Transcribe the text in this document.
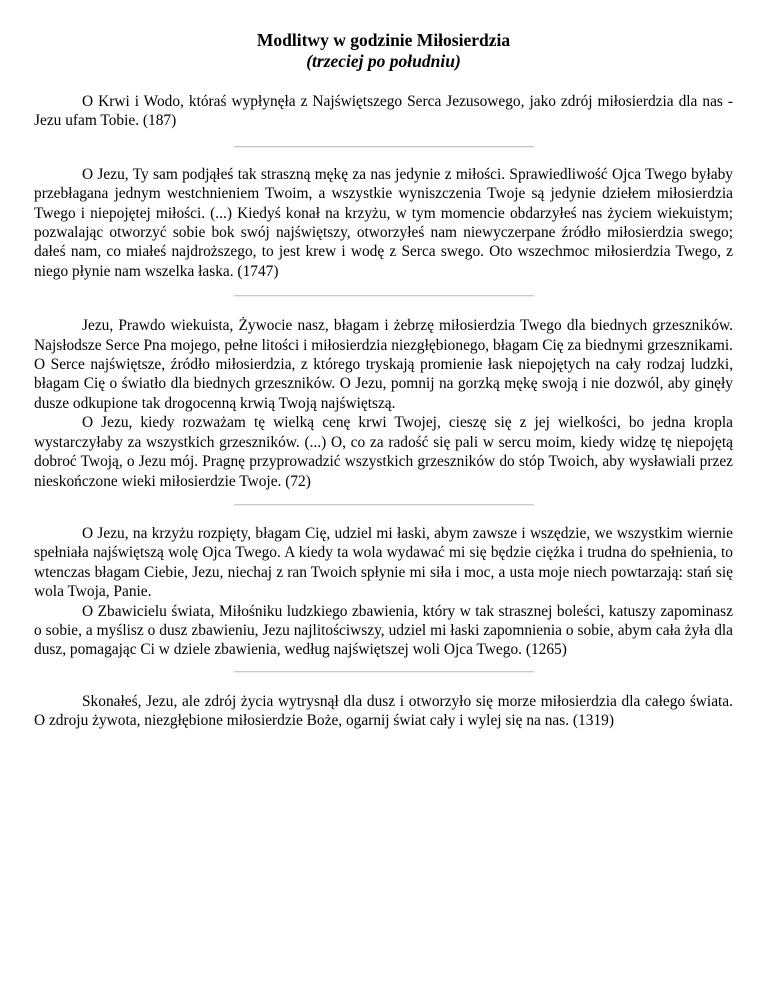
Modlitwy w godzinie Miłosierdzia
(trzeciej po południu)

O Krwi i Wodo, któraś wypłynęła z Najświętszego Serca Jezusowego, jako zdrój miłosierdzia dla nas - Jezu ufam Tobie. (187)

O Jezu, Ty sam podjąłeś tak straszną mękę za nas jedynie z miłości. Sprawiedliwość Ojca Twego byłaby przebłagana jednym westchnieniem Twoim, a wszystkie wyniszczenia Twoje są jedynie dziełem miłosierdzia Twego i niepojętej miłości. (...) Kiedyś konał na krzyżu, w tym momencie obdarzyłeś nas życiem wiekuistym; pozwalając otworzyć sobie bok swój najświętszy, otworzyłeś nam niewyczerpane źródło miłosierdzia swego; dałeś nam, co miałeś najdroższego, to jest krew i wodę z Serca swego. Oto wszechmoc miłosierdzia Twego, z niego płynie nam wszelka łaska. (1747)

Jezu, Prawdo wiekuista, Żywocie nasz, błagam i żebrzę miłosierdzia Twego dla biednych grzeszników. Najsłodsze Serce Pna mojego, pełne litości i miłosierdzia niezgłębionego, błagam Cię za biednymi grzesznikami. O Serce najświętsze, źródło miłosierdzia, z którego tryskają promienie łask niepojętych na cały rodzaj ludzki, błagam Cię o światło dla biednych grzeszników. O Jezu, pomnij na gorzką mękę swoją i nie dozwól, aby ginęły dusze odkupione tak drogocenną krwią Twoją najświętszą.

O Jezu, kiedy rozważam tę wielką cenę krwi Twojej, cieszę się z jej wielkości, bo jedna kropla wystarczyłaby za wszystkich grzeszników. (...) O, co za radość się pali w sercu moim, kiedy widzę tę niepojętą dobroć Twoją, o Jezu mój. Pragnę przyprowadzić wszystkich grzeszników do stóp Twoich, aby wysławiali przez nieskończone wieki miłosierdzie Twoje. (72)

O Jezu, na krzyżu rozpięty, błagam Cię, udziel mi łaski, abym zawsze i wszędzie, we wszystkim wiernie spełniała najświętszą wolę Ojca Twego. A kiedy ta wola wydawać mi się będzie ciężka i trudna do spełnienia, to wtenczas błagam Ciebie, Jezu, niechaj z ran Twoich spłynie mi siła i moc, a usta moje niech powtarzają: stań się wola Twoja, Panie.

O Zbawicielu świata, Miłośniku ludzkiego zbawienia, który w tak strasznej boleści, katuszy zapominasz o sobie, a myślisz o dusz zbawieniu, Jezu najlitościwszy, udziel mi łaski zapomnienia o sobie, abym cała żyła dla dusz, pomagając Ci w dziele zbawienia, według najświętszej woli Ojca Twego. (1265)

Skonałeś, Jezu, ale zdrój życia wytrysnął dla dusz i otworzyło się morze miłosierdzia dla całego świata. O zdroju żywota, niezgłębione miłosierdzie Boże, ogarnij świat cały i wylej się na nas. (1319)
